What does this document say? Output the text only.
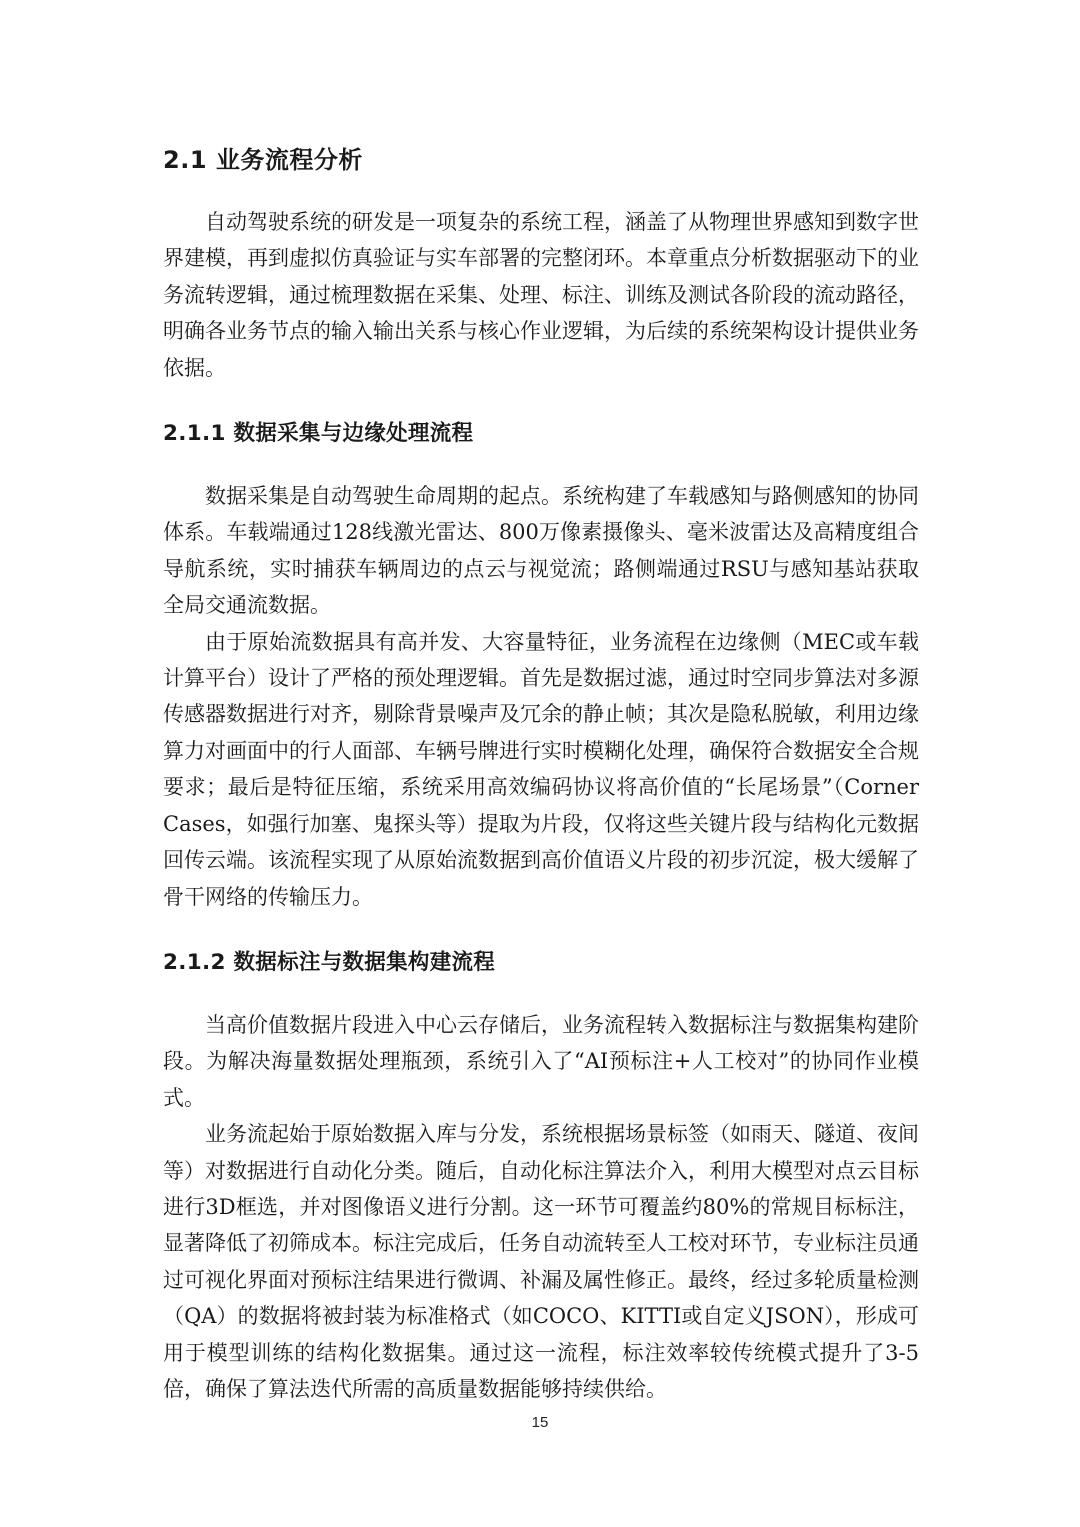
2.1 业务流程分析

自动驾驶系统的研发是一项复杂的系统工程，涵盖了从物理世界感知到数字世界建模，再到虚拟仿真验证与实车部署的完整闭环。本章重点分析数据驱动下的业务流转逻辑，通过梳理数据在采集、处理、标注、训练及测试各阶段的流动路径，明确各业务节点的输入输出关系与核心作业逻辑，为后续的系统架构设计提供业务依据。

2.1.1 数据采集与边缘处理流程

数据采集是自动驾驶生命周期的起点。系统构建了车载感知与路侧感知的协同体系。车载端通过128线激光雷达、800万像素摄像头、毫米波雷达及高精度组合导航系统，实时捕获车辆周边的点云与视觉流；路侧端通过RSU与感知基站获取全局交通流数据。

由于原始流数据具有高并发、大容量特征，业务流程在边缘侧（MEC或车载计算平台）设计了严格的预处理逻辑。首先是数据过滤，通过时空同步算法对多源传感器数据进行对齐，剔除背景噪声及冗余的静止帧；其次是隐私脱敏，利用边缘算力对画面中的行人面部、车辆号牌进行实时模糊化处理，确保符合数据安全合规要求；最后是特征压缩，系统采用高效编码协议将高价值的“长尾场景”（Corner Cases，如强行加塞、鬼探头等）提取为片段，仅将这些关键片段与结构化元数据回传云端。该流程实现了从原始流数据到高价值语义片段的初步沉淀，极大缓解了骨干网络的传输压力。

2.1.2 数据标注与数据集构建流程

当高价值数据片段进入中心云存储后，业务流程转入数据标注与数据集构建阶段。为解决海量数据处理瓶颈，系统引入了“AI预标注+人工校对”的协同作业模式。

业务流起始于原始数据入库与分发，系统根据场景标签（如雨天、隧道、夜间等）对数据进行自动化分类。随后，自动化标注算法介入，利用大模型对点云目标进行3D框选，并对图像语义进行分割。这一环节可覆盖约80%的常规目标标注，显著降低了初筛成本。标注完成后，任务自动流转至人工校对环节，专业标注员通过可视化界面对预标注结果进行微调、补漏及属性修正。最终，经过多轮质量检测（QA）的数据将被封装为标准格式（如COCO、KITTI或自定义JSON），形成可用于模型训练的结构化数据集。通过这一流程，标注效率较传统模式提升了3-5倍，确保了算法迭代所需的高质量数据能够持续供给。

15
